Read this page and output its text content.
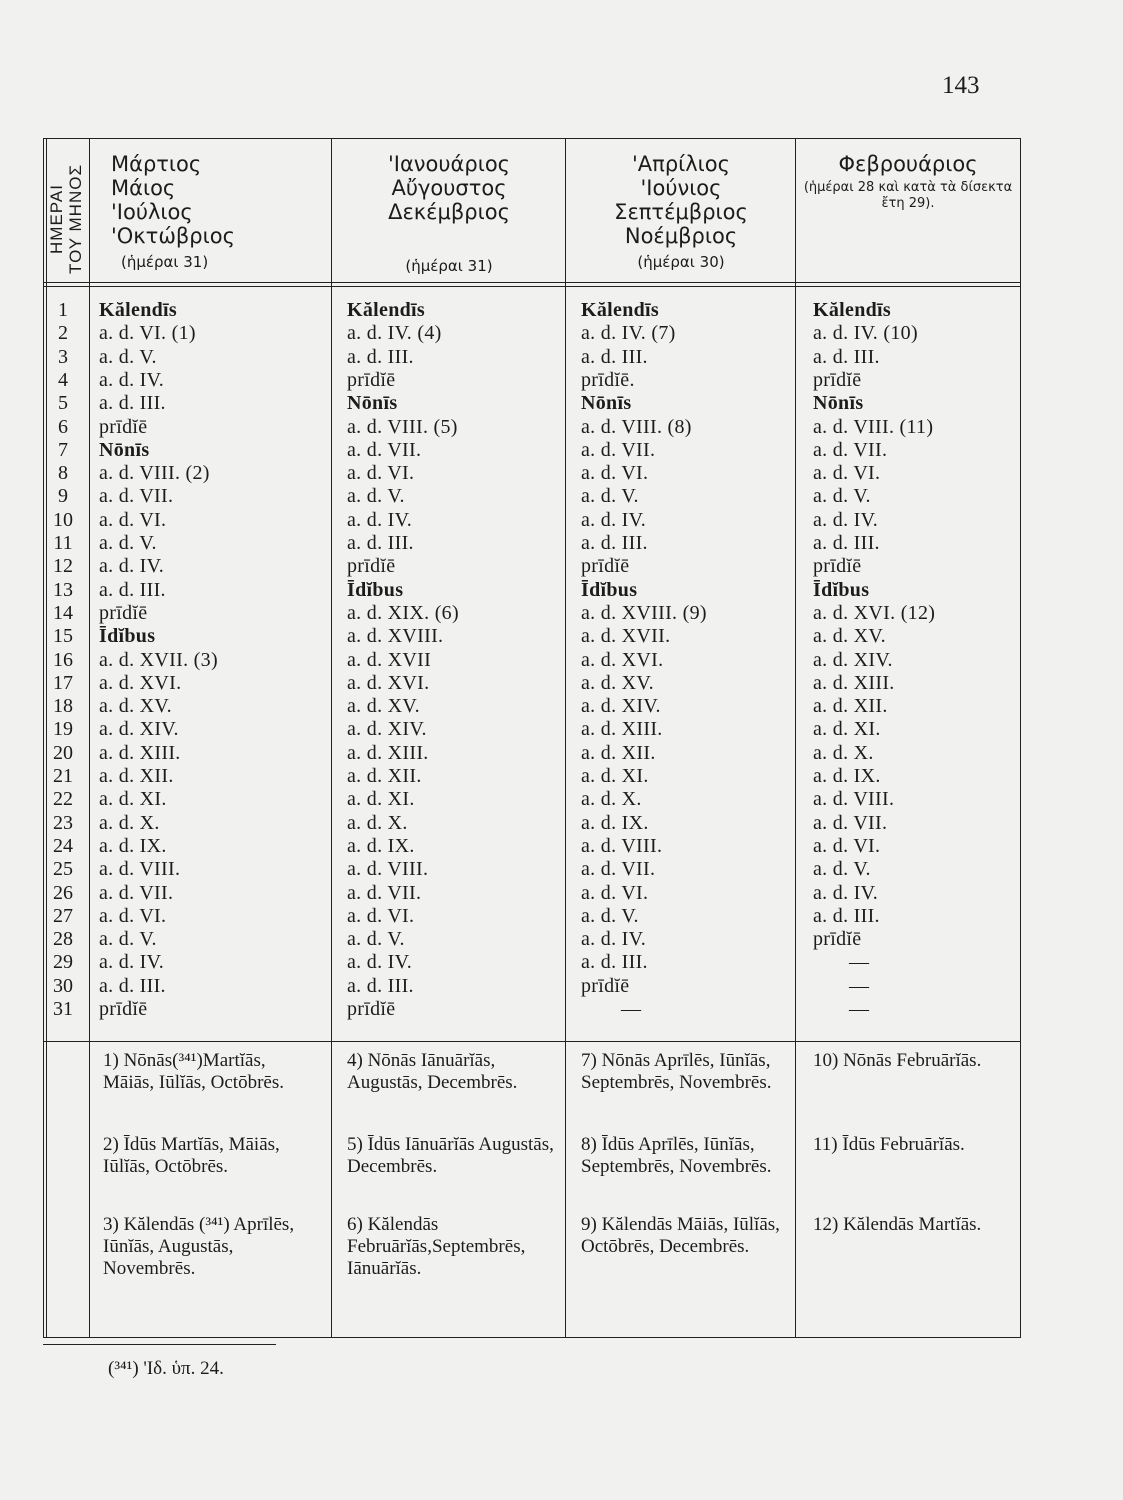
143
ΗΜΕΡΑΙ
ΤΟΥ ΜΗΝΟΣ
Μάρτιος
Μάιος
'Ιούλιος
'Οκτώβριος
(ἡμέραι 31)
'Ιανουάριος
Αὔγουστος
Δεκέμβριος
(ἡμέραι 31)
'Απρίλιος
'Ιούνιος
Σεπτέμβριος
Νοέμβριος
(ἡμέραι 30)
Φεβρουάριος
(ἡμέραι 28 καὶ κατὰ τὰ δίσεκτα ἔτη 29).
1
2
3
4
5
6
7
8
9
10
11
12
13
14
15
16
17
18
19
20
21
22
23
24
25
26
27
28
29
30
31
Kălendīs
a. d. VI. (1)
a. d. V.
a. d. IV.
a. d. III.
prīdĭē
Nōnīs
a. d. VIII. (2)
a. d. VII.
a. d. VI.
a. d. V.
a. d. IV.
a. d. III.
prīdĭē
Īdĭbus
a. d. XVII. (3)
a. d. XVI.
a. d. XV.
a. d. XIV.
a. d. XIII.
a. d. XII.
a. d. XI.
a. d. X.
a. d. IX.
a. d. VIII.
a. d. VII.
a. d. VI.
a. d. V.
a. d. IV.
a. d. III.
prīdĭē
Kălendīs
a. d. IV. (4)
a. d. III.
prīdĭē
Nōnīs
a. d. VIII. (5)
a. d. VII.
a. d. VI.
a. d. V.
a. d. IV.
a. d. III.
prīdĭē
Īdĭbus
a. d. XIX. (6)
a. d. XVIII.
a. d. XVII
a. d. XVI.
a. d. XV.
a. d. XIV.
a. d. XIII.
a. d. XII.
a. d. XI.
a. d. X.
a. d. IX.
a. d. VIII.
a. d. VII.
a. d. VI.
a. d. V.
a. d. IV.
a. d. III.
prīdĭē
Kălendīs
a. d. IV. (7)
a. d. III.
prīdĭē.
Nōnīs
a. d. VIII. (8)
a. d. VII.
a. d. VI.
a. d. V.
a. d. IV.
a. d. III.
prīdĭē
Īdĭbus
a. d. XVIII. (9)
a. d. XVII.
a. d. XVI.
a. d. XV.
a. d. XIV.
a. d. XIII.
a. d. XII.
a. d. XI.
a. d. X.
a. d. IX.
a. d. VIII.
a. d. VII.
a. d. VI.
a. d. V.
a. d. IV.
a. d. III.
prīdĭē
—
Kălendīs
a. d. IV. (10)
a. d. III.
prīdĭē
Nōnīs
a. d. VIII. (11)
a. d. VII.
a. d. VI.
a. d. V.
a. d. IV.
a. d. III.
prīdĭē
Īdĭbus
a. d. XVI. (12)
a. d. XV.
a. d. XIV.
a. d. XIII.
a. d. XII.
a. d. XI.
a. d. X.
a. d. IX.
a. d. VIII.
a. d. VII.
a. d. VI.
a. d. V.
a. d. IV.
a. d. III.
prīdĭē
—
—
—
1) Nōnās(³⁴¹)Martĭās, Māiās, Iūlĭās, Octōbrēs.
2) Īdūs Martĭās, Māiās, Iūlĭās, Octōbrēs.
3) Kălendās (³⁴¹) Aprīlēs, Iūnĭās, Augustās, Novembrēs.
4) Nōnās Iānuārĭās, Augustās, Decembrēs.
5) Īdūs Iānuārĭās Augustās, Decembrēs.
6) Kălendās Februārĭās,Septembrēs, Iānuārĭās.
7) Nōnās Aprīlēs, Iūnĭās, Septembrēs, Novembrēs.
8) Īdūs Aprīlēs, Iūnĭās, Septembrēs, Novembrēs.
9) Kălendās Māiās, Iūlĭās, Octōbrēs, Decembrēs.
10) Nōnās Februārĭās.
11) Īdūs Februārĭās.
12) Kălendās Martĭās.
(³⁴¹) 'Ιδ. ὑπ. 24.
